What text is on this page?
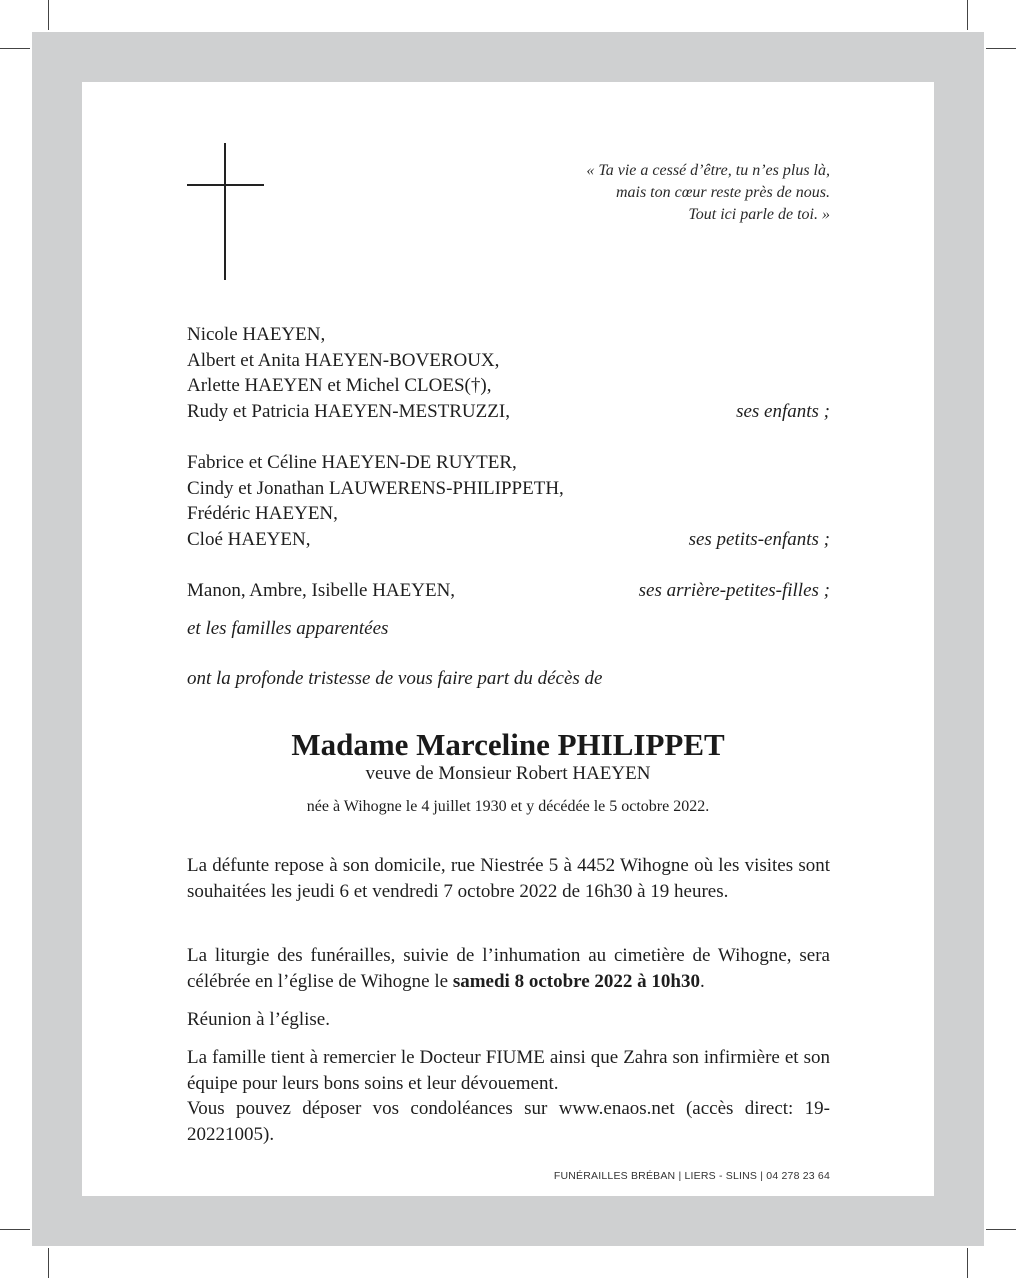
« Ta vie a cessé d’être, tu n’es plus là,
mais ton cœur reste près de nous.
Tout ici parle de toi. »
Nicole HAEYEN,
Albert et Anita HAEYEN-BOVEROUX,
Arlette HAEYEN et Michel CLOES(†),
Rudy et Patricia HAEYEN-MESTRUZZI,	ses enfants ;
Fabrice et Céline HAEYEN-DE RUYTER,
Cindy et Jonathan LAUWERENS-PHILIPPETH,
Frédéric HAEYEN,
Cloé HAEYEN,	ses petits-enfants ;
Manon, Ambre, Isibelle HAEYEN,	ses arrière-petites-filles ;
et les familles apparentées
ont la profonde tristesse de vous faire part du décès de
Madame Marceline PHILIPPET
veuve de Monsieur Robert HAEYEN
née à Wihogne le 4 juillet 1930 et y décédée le 5 octobre 2022.
La défunte repose à son domicile, rue Niestrée 5 à 4452 Wihogne où les visites sont souhaitées les jeudi 6 et vendredi 7 octobre 2022 de 16h30 à 19 heures.
La liturgie des funérailles, suivie de l’inhumation au cimetière de Wihogne, sera célébrée en l’église de Wihogne le samedi 8 octobre 2022 à 10h30.
Réunion à l’église.
La famille tient à remercier le Docteur FIUME ainsi que Zahra son infirmière et son équipe pour leurs bons soins et leur dévouement.
Vous pouvez déposer vos condoléances sur www.enaos.net (accès direct: 19-20221005).
FUNÉRAILLES BRÉBAN | LIERS - SLINS | 04 278 23 64
